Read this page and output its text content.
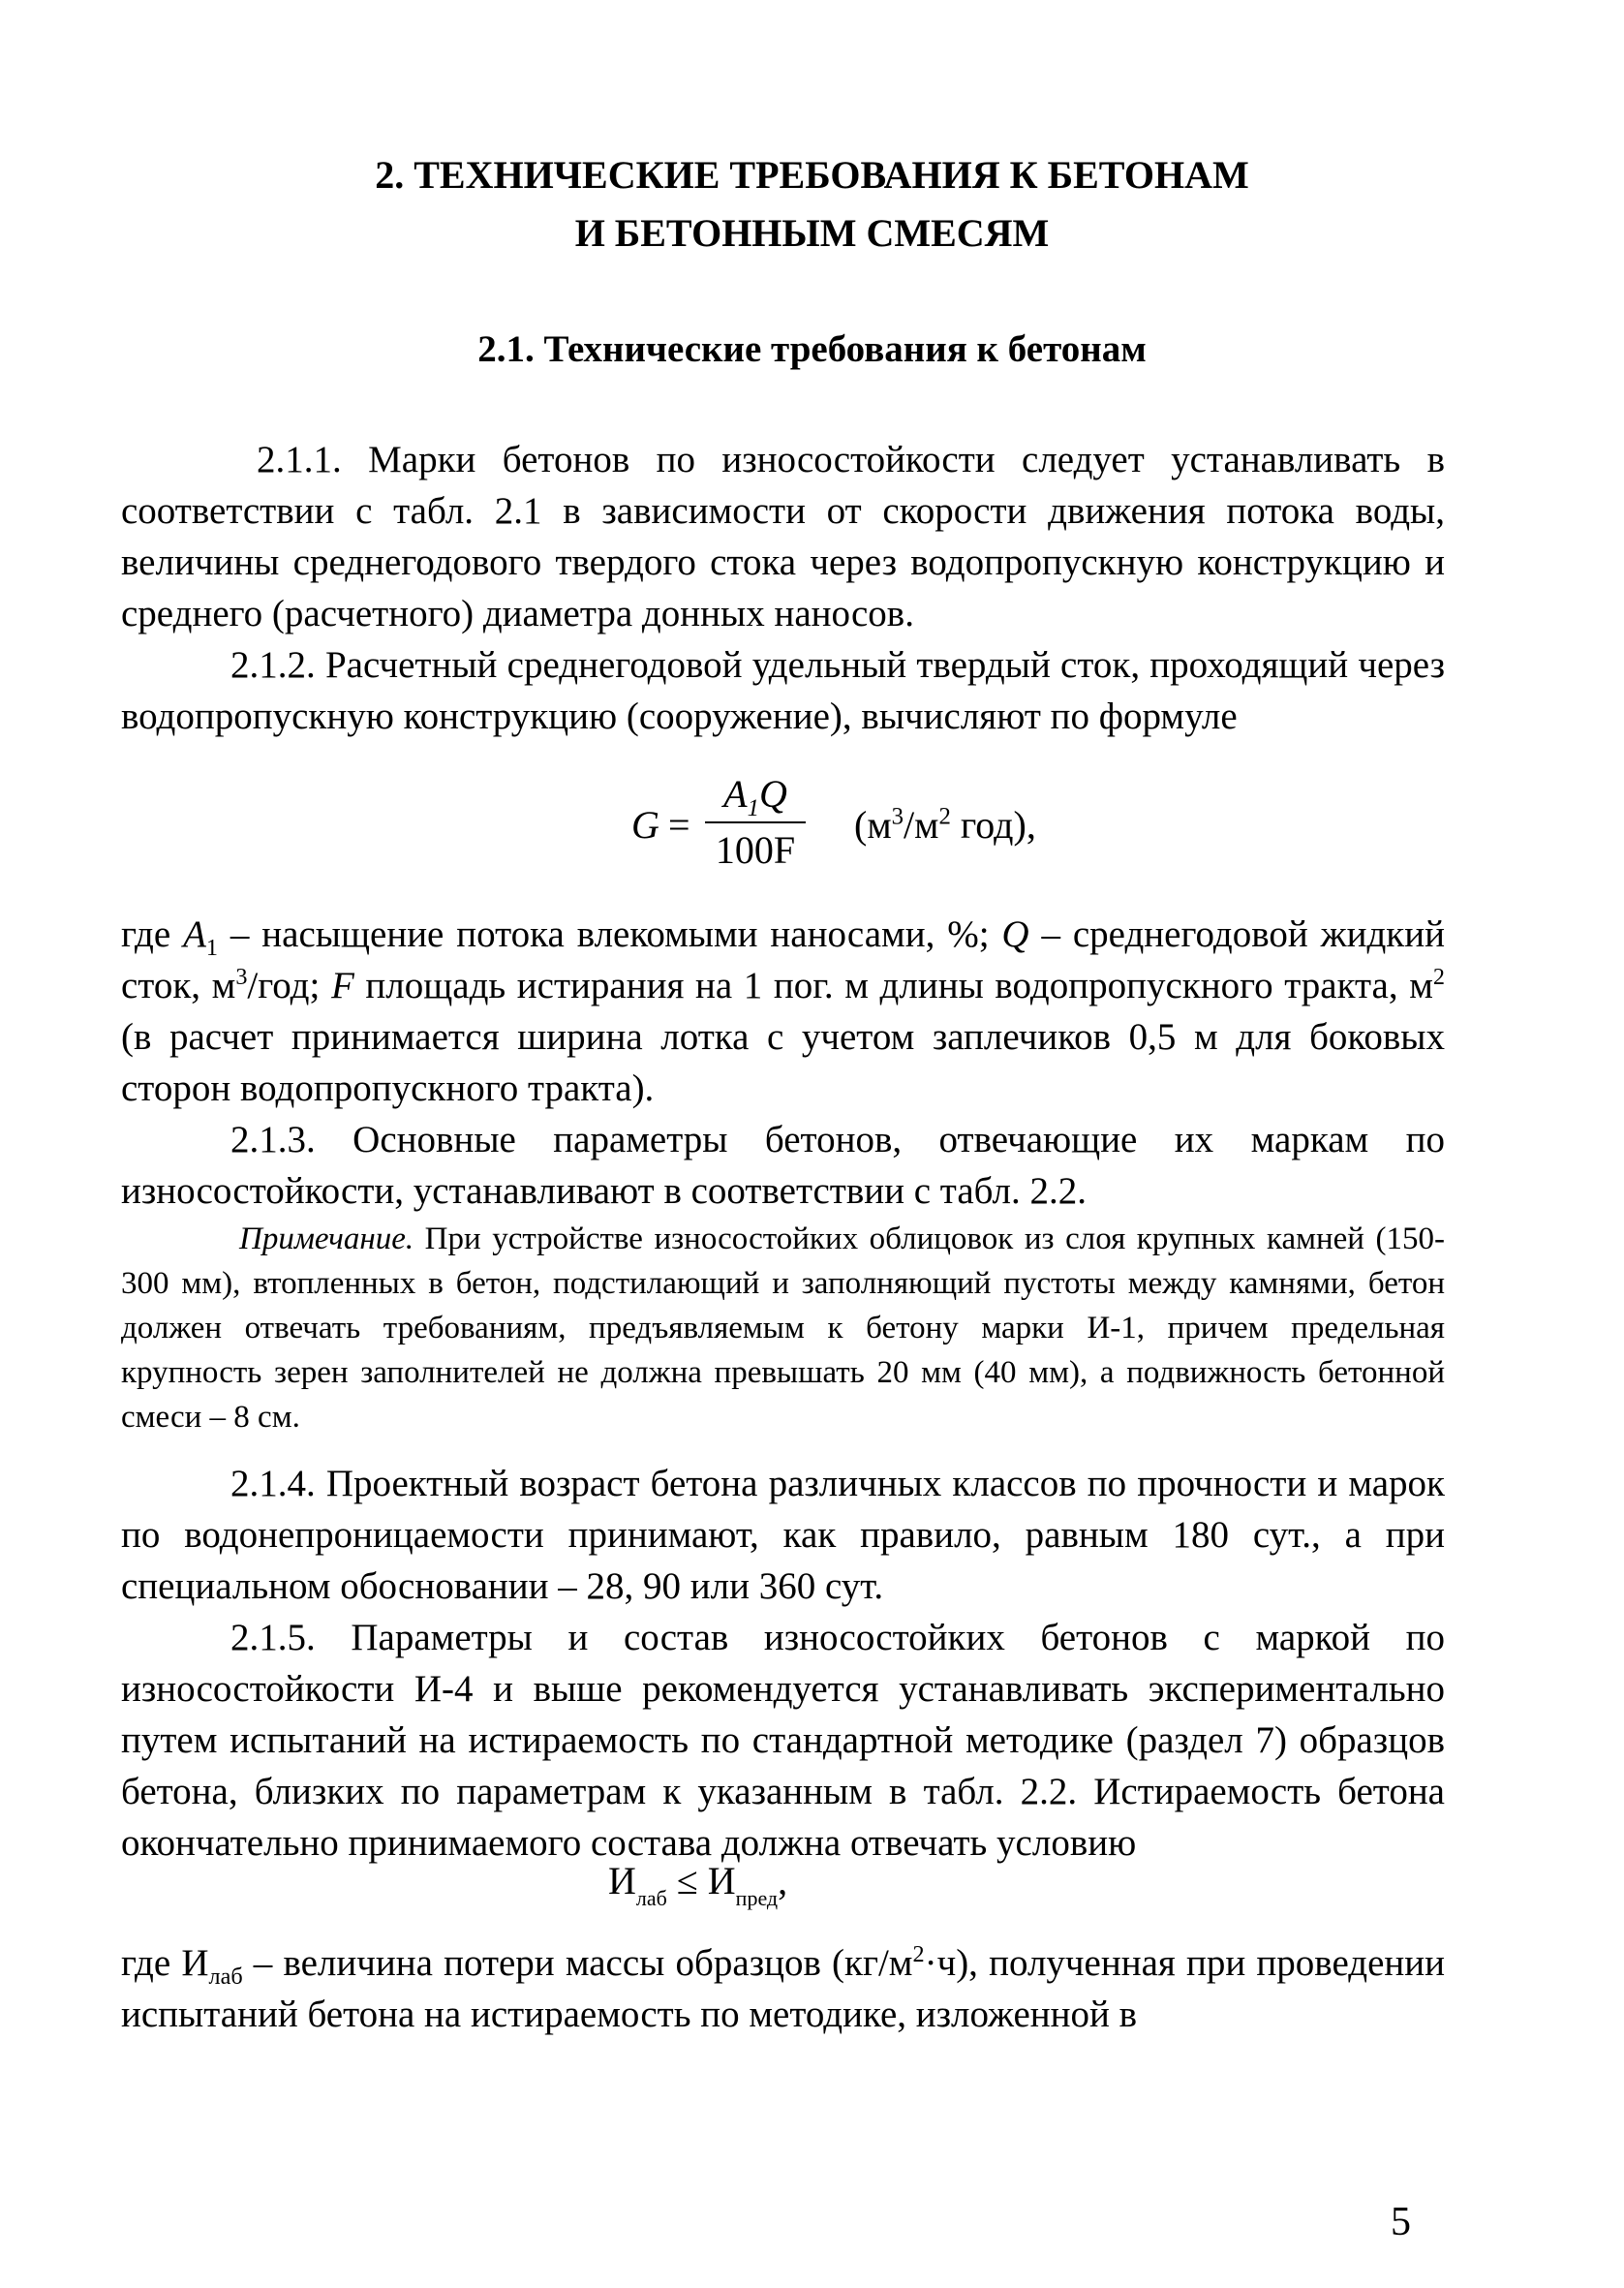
2. ТЕХНИЧЕСКИЕ ТРЕБОВАНИЯ К БЕТОНАМ
И БЕТОННЫМ СМЕСЯМ
2.1. Технические требования к бетонам

2.1.1. Марки бетонов по износостойкости следует устанавливать в соответствии с табл. 2.1 в зависимости от скорости движения потока воды, величины среднегодового твердого стока через водопропускную конструкцию и среднего (расчетного) диаметра донных наносов.

2.1.2. Расчетный среднегодовой удельный твердый сток, проходящий через водопропускную конструкцию (сооружение), вычисляют по формуле

G =
$A_1Q$
100F
($м^3/м^2$ год),

где $A_1$ – насыщение потока влекомыми наносами, %; Q – среднегодовой жидкий сток, $м^3$/год; F площадь истирания на 1 пог. м длины водопропускного тракта, $м^2$ (в расчет принимается ширина лотка с учетом заплечиков 0,5 м для боковых сторон водопропускного тракта).

2.1.3. Основные параметры бетонов, отвечающие их маркам по износостойкости, устанавливают в соответствии с табл. 2.2.

Примечание. При устройстве износостойких облицовок из слоя крупных камней (150-300 мм), втопленных в бетон, подстилающий и заполняющий пустоты между камнями, бетон должен отвечать требованиям, предъявляемым к бетону марки И-1, причем предельная крупность зерен заполнителей не должна превышать 20 мм (40 мм), а подвижность бетонной смеси – 8 см.

2.1.4. Проектный возраст бетона различных классов по прочности и марок по водонепроницаемости принимают, как правило, равным 180 сут., а при специальном обосновании – 28, 90 или 360 сут.

2.1.5. Параметры и состав износостойких бетонов с маркой по износостойкости И-4 и выше рекомендуется устанавливать экспериментально путем испытаний на истираемость по стандартной методике (раздел 7) образцов бетона, близких по параметрам к указанным в табл. 2.2. Истираемость бетона окончательно принимаемого состава должна отвечать условию

$И_{лаб} \le И_{пред}$,

где $И_{лаб}$ – величина потери массы образцов $(кг/м^2\cdot ч)$, полученная при проведении испытаний бетона на истираемость по методике, изложенной в

5
